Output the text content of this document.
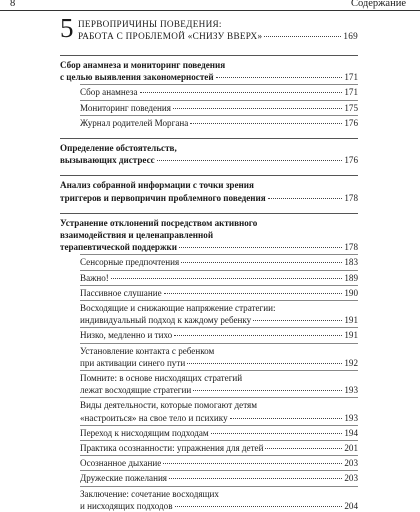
8	Содержание
5 ПЕРВОПРИЧИНЫ ПОВЕДЕНИЯ:
РАБОТА С ПРОБЛЕМОЙ «СНИЗУ ВВЕРХ»	169
Сбор анамнеза и мониторинг поведения
с целью выявления закономерностей	171
Сбор анамнеза	171
Мониторинг поведения	175
Журнал родителей Моргана	176
Определение обстоятельств,
вызывающих дистресс	176
Анализ собранной информации с точки зрения
триггеров и первопричин проблемного поведения	178
Устранение отклонений посредством активного
взаимодействия и целенаправленной
терапевтической поддержки	178
Сенсорные предпочтения	183
Важно!	189
Пассивное слушание	190
Восходящие и снижающие напряжение стратегии:
индивидуальный подход к каждому ребенку	191
Низко, медленно и тихо	191
Установление контакта с ребенком
при активации синего пути	192
Помните: в основе нисходящих стратегий
лежат восходящие стратегии	193
Виды деятельности, которые помогают детям
«настроиться» на свое тело и психику	193
Переход к нисходящим подходам	194
Практика осознанности: упражнения для детей	201
Осознанное дыхание	203
Дружеские пожелания	203
Заключение: сочетание восходящих
и нисходящих подходов	204
